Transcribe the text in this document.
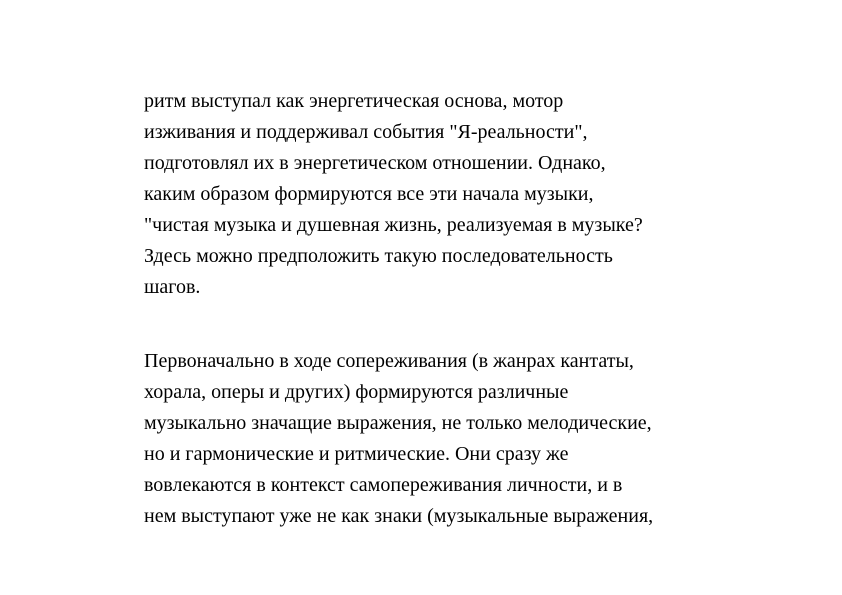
ритм выступал как энергетическая основа, мотор
изживания и поддерживал события "Я-реальности",
подготовлял их в энергетическом отношении. Однако,
каким образом формируются все эти начала музыки,
"чистая музыка и душевная жизнь, реализуемая в музыке?
Здесь можно предположить такую последовательность
шагов.
Первоначально в ходе сопереживания (в жанрах кантаты,
хорала, оперы и других) формируются различные
музыкально значащие выражения, не только мелодические,
но и гармонические и ритмические. Они сразу же
вовлекаются в контекст самопереживания личности, и в
нем выступают уже не как знаки (музыкальные выражения,
